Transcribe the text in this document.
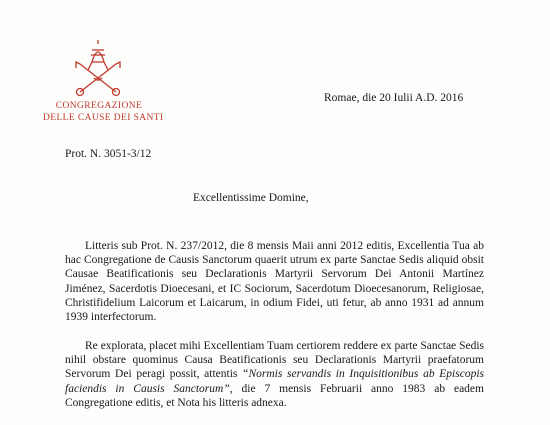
CONGREGAZIONE
DELLE CAUSE DEI SANTI
Romae, die 20 Iulii A.D. 2016
Prot. N. 3051-3/12
Excellentissime Domine,
Litteris sub Prot. N. 237/2012, die 8 mensis Maii anni 2012 editis, Excellentia Tua ab hac Congregatione de Causis Sanctorum quaerit utrum ex parte Sanctae Sedis aliquid obsit Causae Beatificationis seu Declarationis Martyrii Servorum Dei Antonii Martínez Jiménez, Sacerdotis Dioecesani, et IC Sociorum, Sacerdotum Dioecesanorum, Religiosae, Christifidelium Laicorum et Laicarum, in odium Fidei, uti fetur, ab anno 1931 ad annum 1939 interfectorum.
Re explorata, placet mihi Excellentiam Tuam certiorem reddere ex parte Sanctae Sedis nihil obstare quominus Causa Beatificationis seu Declarationis Martyrii praefatorum Servorum Dei peragi possit, attentis “Normis servandis in Inquisitionibus ab Episcopis faciendis in Causis Sanctorum”, die 7 mensis Februarii anno 1983 ab eadem Congregatione editis, et Nota his litteris adnexa.
